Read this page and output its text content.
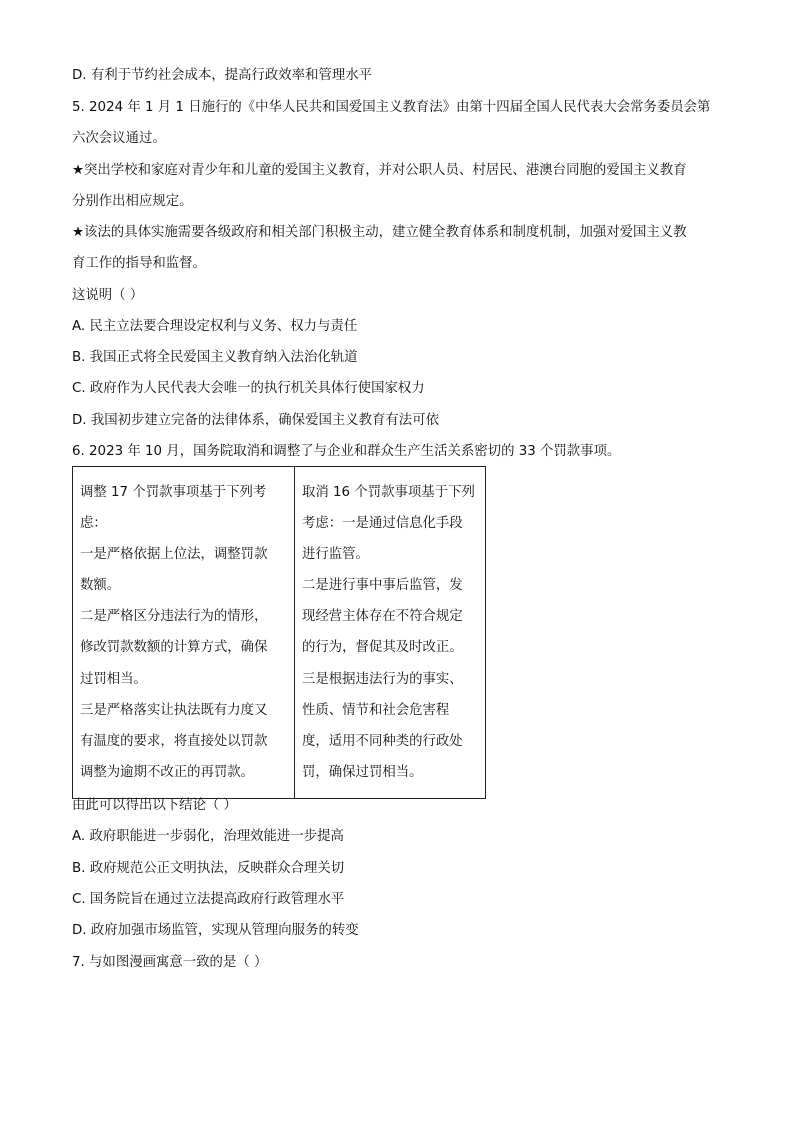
D. 有利于节约社会成本，提高行政效率和管理水平
5. 2024 年 1 月 1 日施行的《中华人民共和国爱国主义教育法》由第十四届全国人民代表大会常务委员会第
六次会议通过。
★突出学校和家庭对青少年和儿童的爱国主义教育，并对公职人员、村居民、港澳台同胞的爱国主义教育
分别作出相应规定。
★该法的具体实施需要各级政府和相关部门积极主动，建立健全教育体系和制度机制，加强对爱国主义教
育工作的指导和监督。
这说明（ ）
A. 民主立法要合理设定权利与义务、权力与责任
B. 我国正式将全民爱国主义教育纳入法治化轨道
C. 政府作为人民代表大会唯一的执行机关具体行使国家权力
D. 我国初步建立完备的法律体系，确保爱国主义教育有法可依
6. 2023 年 10 月，国务院取消和调整了与企业和群众生产生活关系密切的 33 个罚款事项。
调整 17 个罚款事项基于下列考
虑：
一是严格依据上位法，调整罚款
数额。
二是严格区分违法行为的情形，
修改罚款数额的计算方式，确保
过罚相当。
三是严格落实让执法既有力度又
有温度的要求，将直接处以罚款
调整为逾期不改正的再罚款。

取消 16 个罚款事项基于下列
考虑：一是通过信息化手段
进行监管。
二是进行事中事后监管，发
现经营主体存在不符合规定
的行为，督促其及时改正。
三是根据违法行为的事实、
性质、情节和社会危害程
度，适用不同种类的行政处
罚，确保过罚相当。
由此可以得出以下结论（ ）
A. 政府职能进一步弱化，治理效能进一步提高
B. 政府规范公正文明执法，反映群众合理关切
C. 国务院旨在通过立法提高政府行政管理水平
D. 政府加强市场监管，实现从管理向服务的转变
7. 与如图漫画寓意一致的是（ ）
